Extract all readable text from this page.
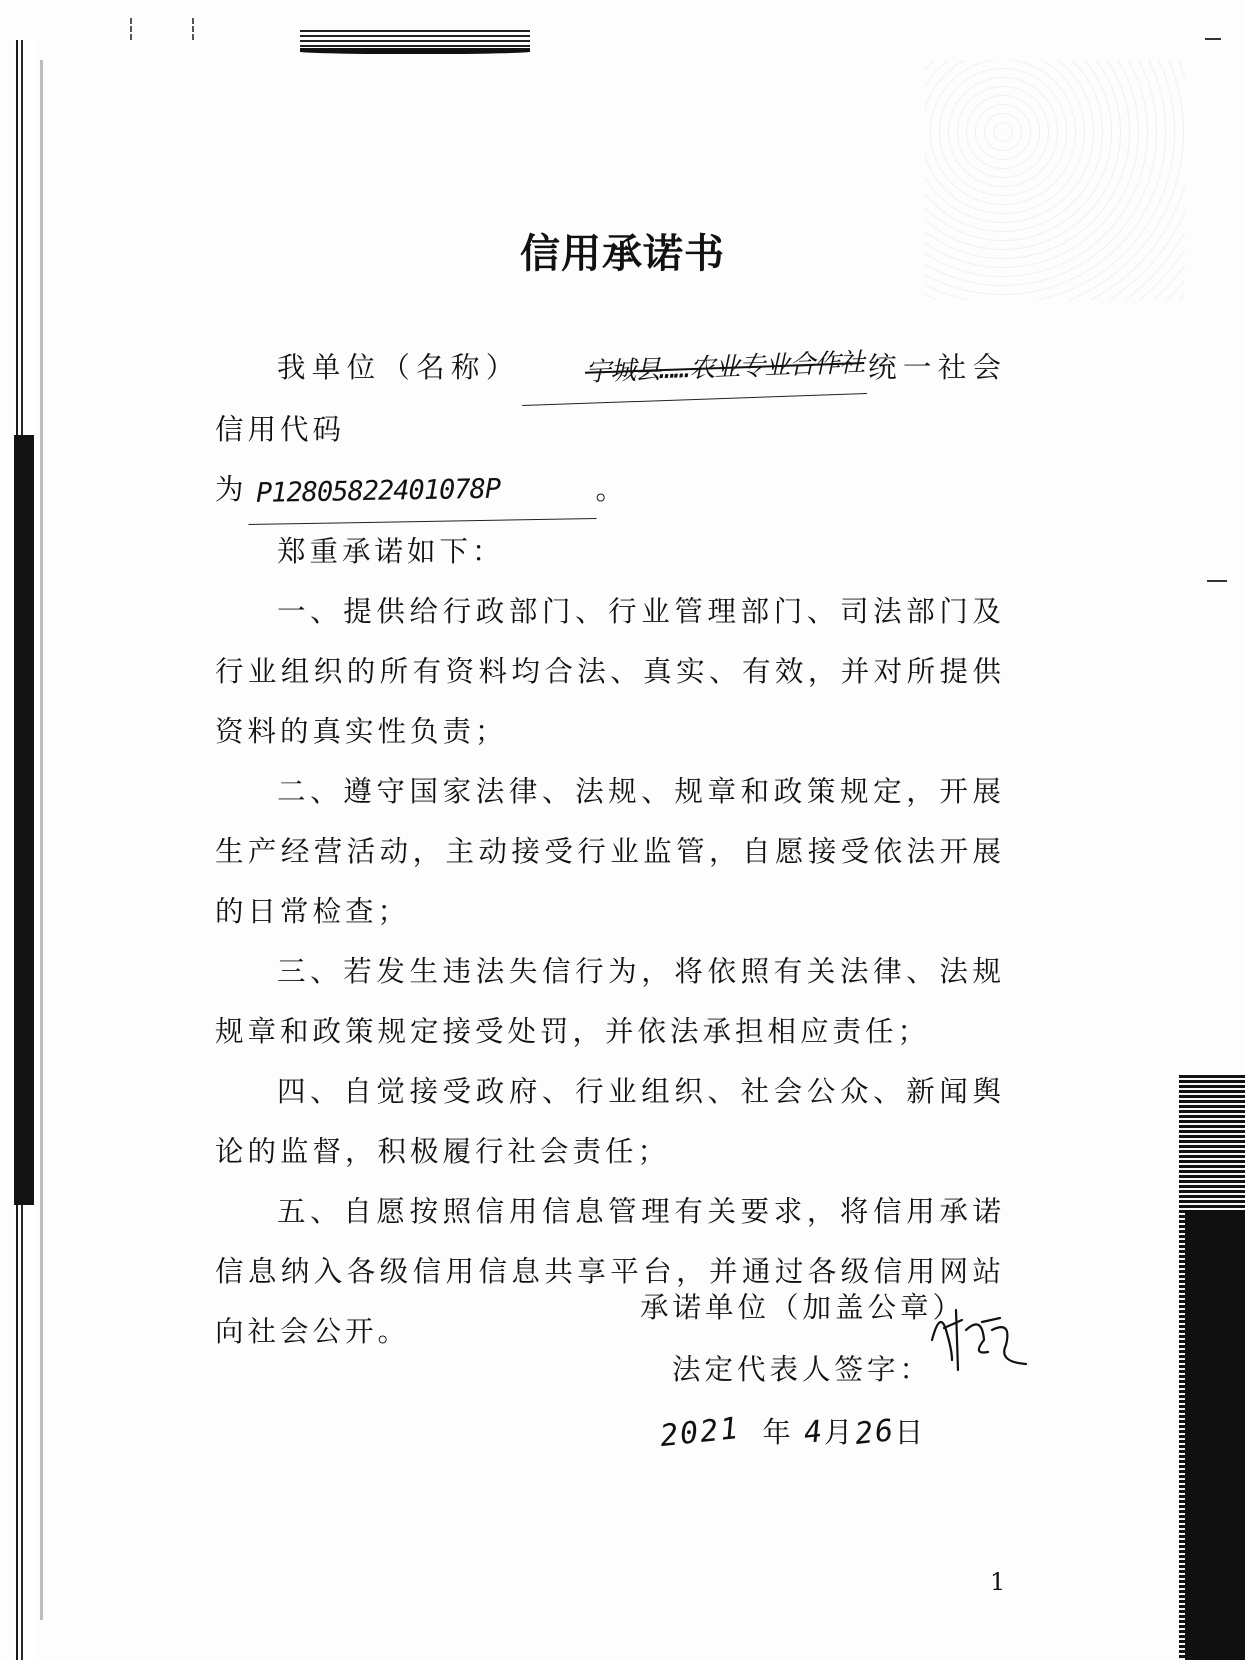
信用承诺书

我单位（名称） 宁城县……农业专业合作社统一社会信用代码

为 P12805822401078P	。

郑重承诺如下：

一、提供给行政部门、行业管理部门、司法部门及行业组织的所有资料均合法、真实、有效，并对所提供资料的真实性负责；

二、遵守国家法律、法规、规章和政策规定，开展生产经营活动，主动接受行业监管，自愿接受依法开展的日常检查；

三、若发生违法失信行为，将依照有关法律、法规规章和政策规定接受处罚，并依法承担相应责任；

四、自觉接受政府、行业组织、社会公众、新闻舆论的监督，积极履行社会责任；

五、自愿按照信用信息管理有关要求，将信用承诺信息纳入各级信用信息共享平台，并通过各级信用网站向社会公开。

承诺单位（加盖公章）
法定代表人签字：
2021 年 4月26日
1
